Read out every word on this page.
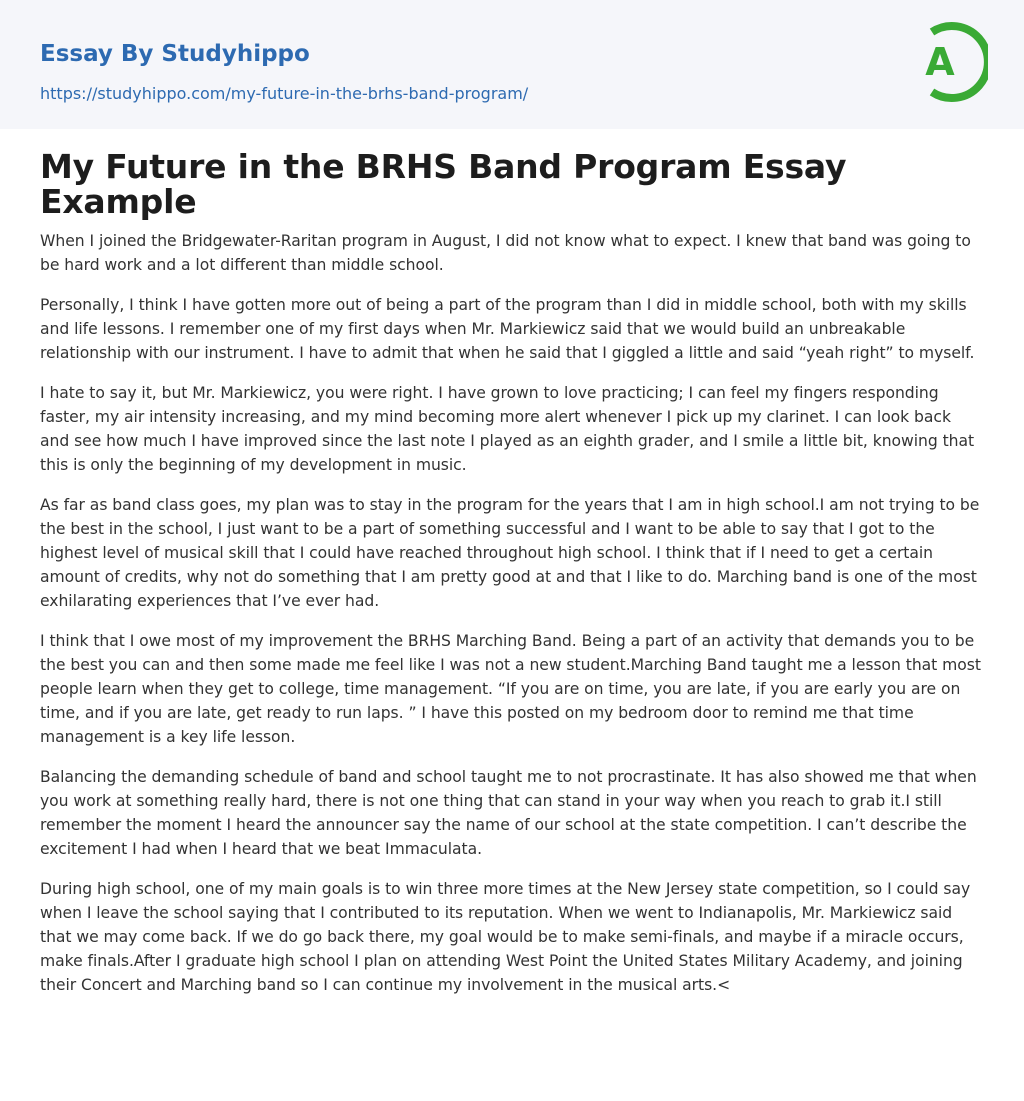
Essay By Studyhippo
https://studyhippo.com/my-future-in-the-brhs-band-program/
A
My Future in the BRHS Band Program Essay Example

When I joined the Bridgewater-Raritan program in August, I did not know what to expect. I knew that band was going to be hard work and a lot different than middle school.

Personally, I think I have gotten more out of being a part of the program than I did in middle school, both with my skills and life lessons. I remember one of my first days when Mr. Markiewicz said that we would build an unbreakable relationship with our instrument. I have to admit that when he said that I giggled a little and said “yeah right” to myself.

I hate to say it, but Mr. Markiewicz, you were right. I have grown to love practicing; I can feel my fingers responding faster, my air intensity increasing, and my mind becoming more alert whenever I pick up my clarinet. I can look back and see how much I have improved since the last note I played as an eighth grader, and I smile a little bit, knowing that this is only the beginning of my development in music.

As far as band class goes, my plan was to stay in the program for the years that I am in high school.I am not trying to be the best in the school, I just want to be a part of something successful and I want to be able to say that I got to the highest level of musical skill that I could have reached throughout high school. I think that if I need to get a certain amount of credits, why not do something that I am pretty good at and that I like to do. Marching band is one of the most exhilarating experiences that I’ve ever had.

I think that I owe most of my improvement the BRHS Marching Band. Being a part of an activity that demands you to be the best you can and then some made me feel like I was not a new student.Marching Band taught me a lesson that most people learn when they get to college, time management. “If you are on time, you are late, if you are early you are on time, and if you are late, get ready to run laps. ” I have this posted on my bedroom door to remind me that time management is a key life lesson.

Balancing the demanding schedule of band and school taught me to not procrastinate. It has also showed me that when you work at something really hard, there is not one thing that can stand in your way when you reach to grab it.I still remember the moment I heard the announcer say the name of our school at the state competition. I can’t describe the excitement I had when I heard that we beat Immaculata.

During high school, one of my main goals is to win three more times at the New Jersey state competition, so I could say when I leave the school saying that I contributed to its reputation. When we went to Indianapolis, Mr. Markiewicz said that we may come back. If we do go back there, my goal would be to make semi-finals, and maybe if a miracle occurs, make finals.After I graduate high school I plan on attending West Point the United States Military Academy, and joining their Concert and Marching band so I can continue my involvement in the musical arts.<
